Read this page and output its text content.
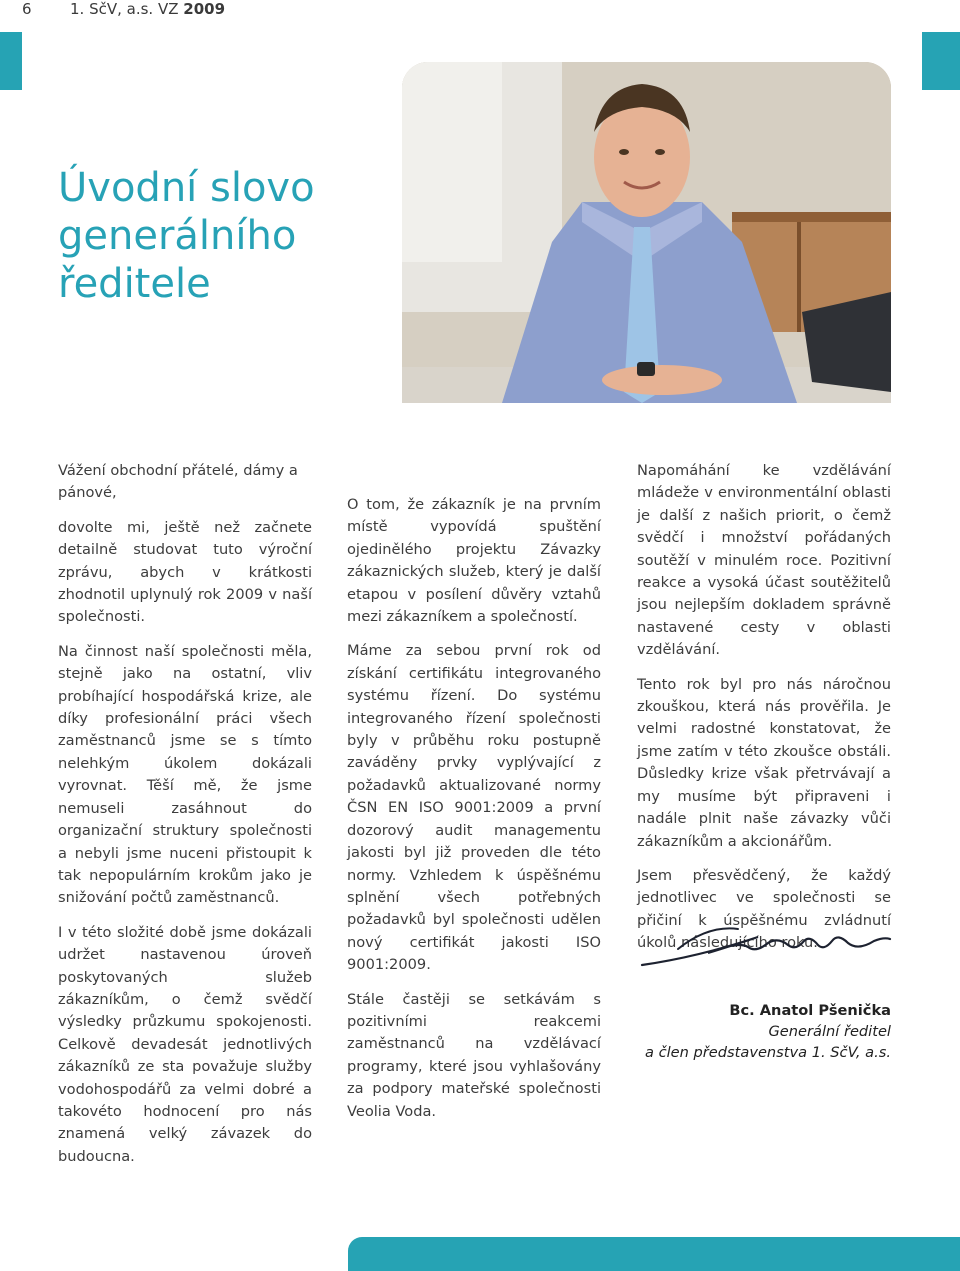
6	1. SčV, a.s. VZ 2009
Úvodní slovo
generálního
ředitele

Vážení obchodní přátelé, dámy a pánové,

dovolte mi, ještě než začnete detailně studovat tuto výroční zprávu, abych v krátkosti zhodnotil uplynulý rok 2009 v naší společnosti.

Na činnost naší společnosti měla, stejně jako na ostatní, vliv probíhající hospodářská krize, ale díky profesionální práci všech zaměstnanců jsme se s tímto nelehkým úkolem dokázali vyrovnat. Těší mě, že jsme nemuseli zasáhnout do organizační struktury společnosti a nebyli jsme nuceni přistoupit k tak nepopulárním krokům jako je snižování počtů zaměstnanců.

I v této složité době jsme dokázali udržet nastavenou úroveň poskytovaných služeb zákazníkům, o čemž svědčí výsledky průzkumu spokojenosti. Celkově devadesát jednotlivých zákazníků ze sta považuje služby vodohospodářů za velmi dobré a takovéto hodnocení pro nás znamená velký závazek do budoucna.

O tom, že zákazník je na prvním místě vypovídá spuštění ojedinělého projektu Závazky zákaznických služeb, který je další etapou v posílení důvěry vztahů mezi zákazníkem a společností.

Máme za sebou první rok od získání certifikátu integrovaného systému řízení. Do systému integrovaného řízení společnosti byly v průběhu roku postupně zaváděny prvky vyplývající z požadavků aktualizované normy ČSN EN ISO 9001:2009 a první dozorový audit managementu jakosti byl již proveden dle této normy. Vzhledem k úspěšnému splnění všech potřebných požadavků byl společnosti udělen nový certifikát jakosti ISO 9001:2009.

Stále častěji se setkávám s pozitivními reakcemi zaměstnanců na vzdělávací programy, které jsou vyhlašovány za podpory mateřské společnosti Veolia Voda.

Napomáhání ke vzdělávání mládeže v environmentální oblasti je další z našich priorit, o čemž svědčí i množství pořádaných soutěží v minulém roce. Pozitivní reakce a vysoká účast soutěžitelů jsou nejlepším dokladem správně nastavené cesty v oblasti vzdělávání.

Tento rok byl pro nás náročnou zkouškou, která nás prověřila. Je velmi radostné konstatovat, že jsme zatím v této zkoušce obstáli. Důsledky krize však přetrvávají a my musíme být připraveni i nadále plnit naše závazky vůči zákazníkům a akcionářům.

Jsem přesvědčený, že každý jednotlivec ve společnosti se přičiní k úspěšnému zvládnutí úkolů následujícího roku.

Bc. Anatol Pšenička
Generální ředitel
a člen představenstva 1. SčV, a.s.
